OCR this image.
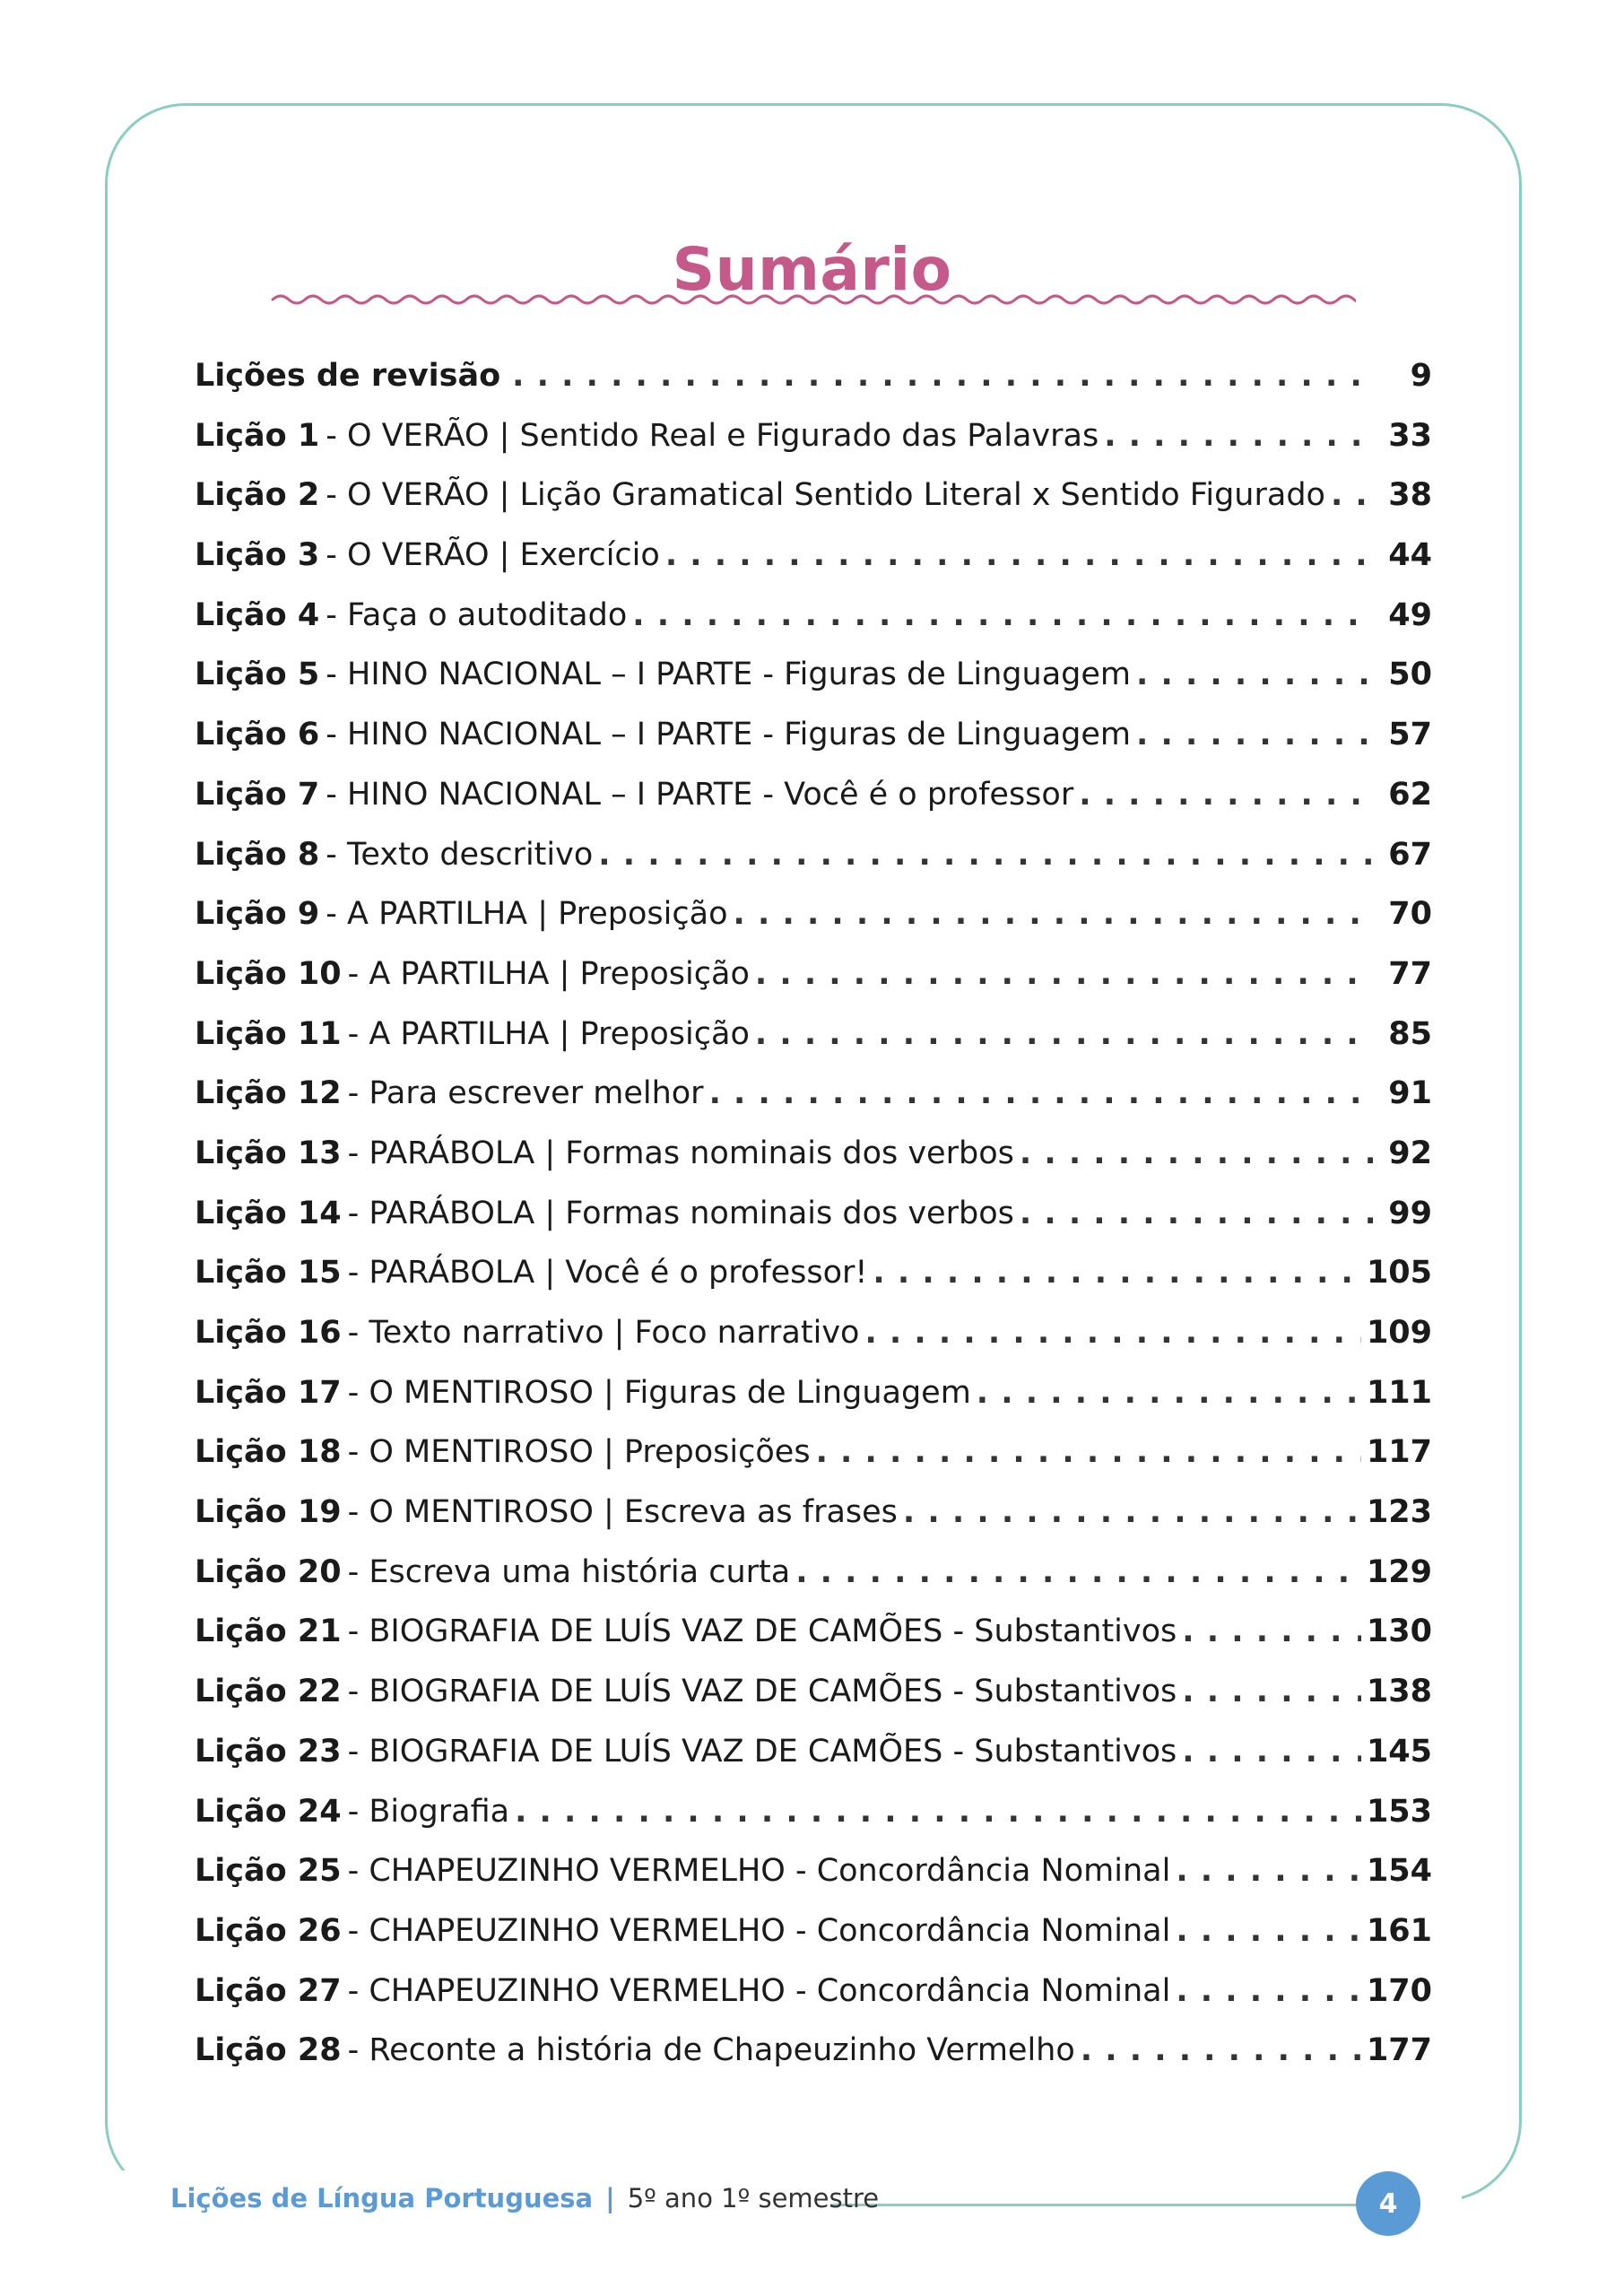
Sumário
Lições de revisão . . .	9
Lição 1 - O VERÃO | Sentido Real e Figurado das Palavras . . .	33
Lição 2 - O VERÃO | Lição Gramatical Sentido Literal x Sentido Figurado . . .	38
Lição 3 - O VERÃO | Exercício . . .	44
Lição 4 - Faça o autoditado . . .	49
Lição 5 - HINO NACIONAL – I PARTE - Figuras de Linguagem . . .	50
Lição 6 - HINO NACIONAL – I PARTE - Figuras de Linguagem . . .	57
Lição 7 - HINO NACIONAL – I PARTE - Você é o professor . . .	62
Lição 8 - Texto descritivo . . .	67
Lição 9 - A PARTILHA | Preposição . . .	70
Lição 10 - A PARTILHA | Preposição . . .	77
Lição 11 - A PARTILHA | Preposição . . .	85
Lição 12 - Para escrever melhor . . .	91
Lição 13 - PARÁBOLA | Formas nominais dos verbos . . .	92
Lição 14 - PARÁBOLA | Formas nominais dos verbos . . .	99
Lição 15 - PARÁBOLA | Você é o professor! . . .	105
Lição 16 - Texto narrativo | Foco narrativo . . .	109
Lição 17 - O MENTIROSO | Figuras de Linguagem . . .	111
Lição 18 - O MENTIROSO | Preposições . . .	117
Lição 19 - O MENTIROSO | Escreva as frases . . .	123
Lição 20 - Escreva uma história curta . . .	129
Lição 21 - BIOGRAFIA DE LUÍS VAZ DE CAMÕES - Substantivos . . .	130
Lição 22 - BIOGRAFIA DE LUÍS VAZ DE CAMÕES - Substantivos . . .	138
Lição 23 - BIOGRAFIA DE LUÍS VAZ DE CAMÕES - Substantivos . . .	145
Lição 24 - Biografia . . .	153
Lição 25 - CHAPEUZINHO VERMELHO - Concordância Nominal . . .	154
Lição 26 - CHAPEUZINHO VERMELHO - Concordância Nominal . . .	161
Lição 27 - CHAPEUZINHO VERMELHO - Concordância Nominal . . .	170
Lição 28 - Reconte a história de Chapeuzinho Vermelho . . .	177
Lições de Língua Portuguesa | 5º ano 1º semestre	4
